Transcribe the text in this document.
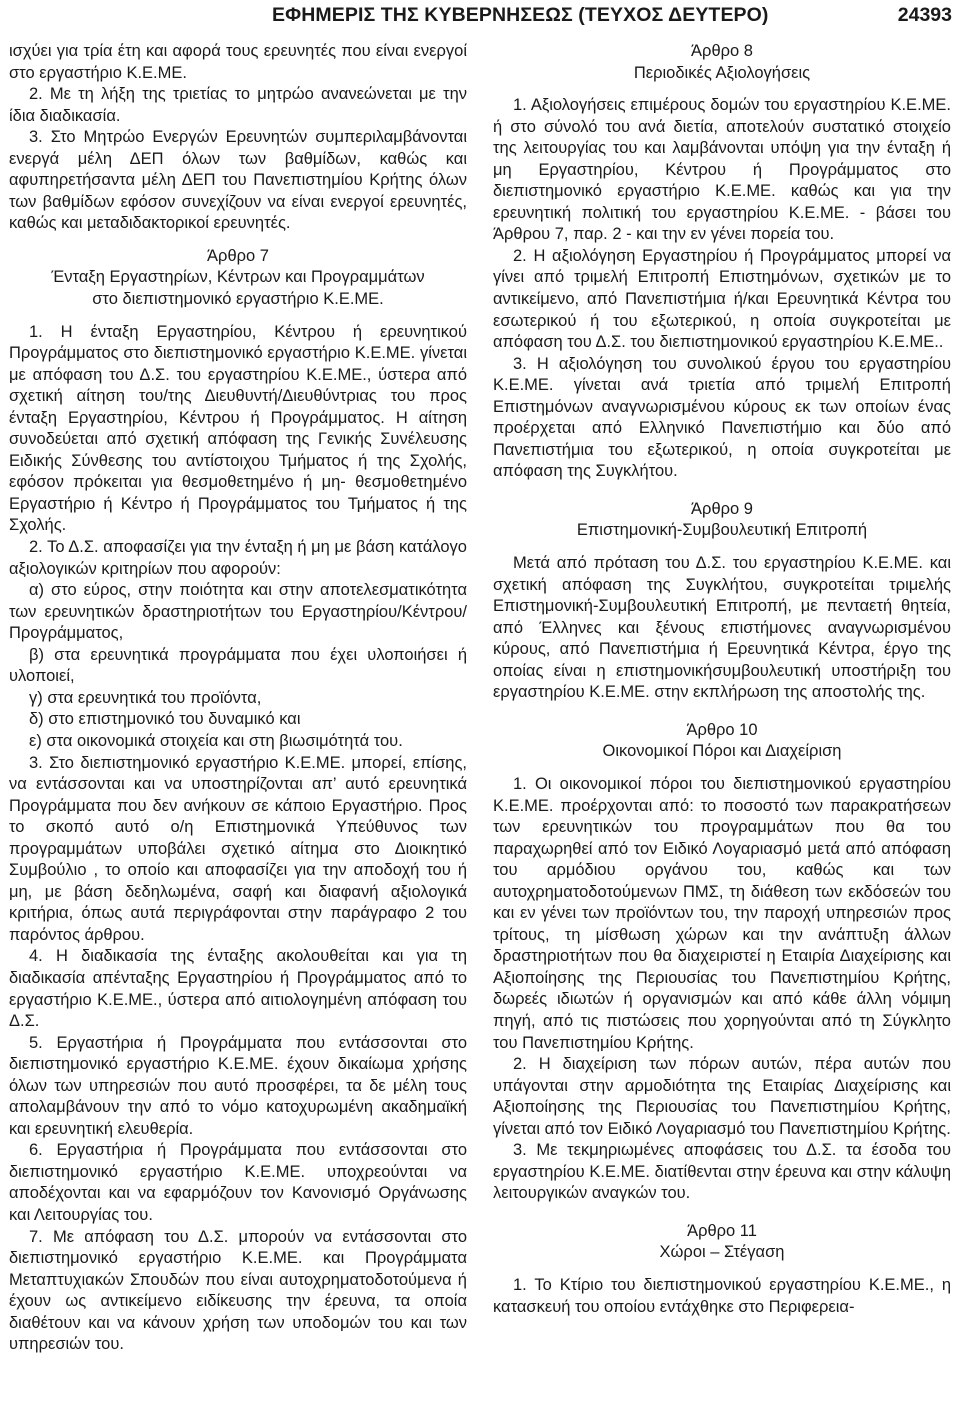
ΕΦΗΜΕΡΙΣ ΤΗΣ ΚΥΒΕΡΝΗΣΕΩΣ (ΤΕΥΧΟΣ ΔΕΥΤΕΡΟ)	24393

ισχύει για τρία έτη και αφορά τους ερευνητές που είναι ενεργοί στο εργαστήριο Κ.Ε.ΜΕ.

2. Με τη λήξη της τριετίας το μητρώο ανανεώνεται με την ίδια διαδικασία.

3. Στο Μητρώο Ενεργών Ερευνητών συμπεριλαμβάνονται ενεργά μέλη ΔΕΠ όλων των βαθμίδων, καθώς και αφυπηρετήσαντα μέλη ΔΕΠ του Πανεπιστημίου Κρήτης όλων των βαθμίδων εφόσον συνεχίζουν να είναι ενεργοί ερευνητές, καθώς και μεταδιδακτορικοί ερευνητές.

Άρθρο 7

Ένταξη Εργαστηρίων, Κέντρων και Προγραμμάτων

στο διεπιστημονικό εργαστήριο Κ.Ε.ΜΕ.

1. Η ένταξη Εργαστηρίου, Κέντρου ή ερευνητικού Προγράμματος στο διεπιστημονικό εργαστήριο Κ.Ε.ΜΕ. γίνεται με απόφαση του Δ.Σ. του εργαστηρίου Κ.Ε.ΜΕ., ύστερα από σχετική αίτηση του/της Διευθυντή/Διευθύντριας του προς ένταξη Εργαστηρίου, Κέντρου ή Προγράμματος. Η αίτηση συνοδεύεται από σχετική απόφαση της Γενικής Συνέλευσης Ειδικής Σύνθεσης του αντίστοιχου Τμήματος ή της Σχολής, εφόσον πρόκειται για θεσμοθετημένο ή μη- θεσμοθετημένο Εργαστήριο ή Κέντρο ή Προγράμματος του Τμήματος ή της Σχολής.

2. Το Δ.Σ. αποφασίζει για την ένταξη ή μη με βάση κατάλογο αξιολογικών κριτηρίων που αφορούν:

α) στο εύρος, στην ποιότητα και στην αποτελεσματικότητα των ερευνητικών δραστηριοτήτων του Εργαστηρίου/Κέντρου/Προγράμματος,

β) στα ερευνητικά προγράμματα που έχει υλοποιήσει ή υλοποιεί,

γ) στα ερευνητικά του προϊόντα,

δ) στο επιστημονικό του δυναμικό και

ε) στα οικονομικά στοιχεία και στη βιωσιμότητά του.

3. Στο διεπιστημονικό εργαστήριο Κ.Ε.ΜΕ. μπορεί, επίσης, να εντάσσονται και να υποστηρίζονται απ’ αυτό ερευνητικά Προγράμματα που δεν ανήκουν σε κάποιο Εργαστήριο. Προς το σκοπό αυτό ο/η Επιστημονικά Υπεύθυνος των προγραμμάτων υποβάλει σχετικό αίτημα στο Διοικητικό Συμβούλιο , το οποίο και αποφασίζει για την αποδοχή του ή μη, με βάση δεδηλωμένα, σαφή και διαφανή αξιολογικά κριτήρια, όπως αυτά περιγράφονται στην παράγραφο 2 του παρόντος άρθρου.

4. Η διαδικασία της ένταξης ακολουθείται και για τη διαδικασία απένταξης Εργαστηρίου ή Προγράμματος από το εργαστήριο Κ.Ε.ΜΕ., ύστερα από αιτιολογημένη απόφαση του Δ.Σ.

5. Εργαστήρια ή Προγράμματα που εντάσσονται στο διεπιστημονικό εργαστήριο Κ.Ε.ΜΕ. έχουν δικαίωμα χρήσης όλων των υπηρεσιών που αυτό προσφέρει, τα δε μέλη τους απολαμβάνουν την από το νόμο κατοχυρωμένη ακαδημαϊκή και ερευνητική ελευθερία.

6. Εργαστήρια ή Προγράμματα που εντάσσονται στο διεπιστημονικό εργαστήριο Κ.Ε.ΜΕ. υποχρεούνται να αποδέχονται και να εφαρμόζουν τον Κανονισμό Οργάνωσης και Λειτουργίας του.

7. Με απόφαση του Δ.Σ. μπορούν να εντάσσονται στο διεπιστημονικό εργαστήριο Κ.Ε.ΜΕ. και Προγράμματα Μεταπτυχιακών Σπουδών που είναι αυτοχρηματοδοτούμενα ή έχουν ως αντικείμενο ειδίκευσης την έρευνα, τα οποία διαθέτουν και να κάνουν χρήση των υποδομών του και των υπηρεσιών του.

Άρθρο 8

Περιοδικές Αξιολογήσεις

1. Αξιολογήσεις επιμέρους δομών του εργαστηρίου Κ.Ε.ΜΕ. ή στο σύνολό του ανά διετία, αποτελούν συστατικό στοιχείο της λειτουργίας του και λαμβάνονται υπόψη για την ένταξη ή μη Εργαστηρίου, Κέντρου ή Προγράμματος στο διεπιστημονικό εργαστήριο Κ.Ε.ΜΕ. καθώς και για την ερευνητική πολιτική του εργαστηρίου Κ.Ε.ΜΕ. - βάσει του Άρθρου 7, παρ. 2 - και την εν γένει πορεία του.

2. Η αξιολόγηση Εργαστηρίου ή Προγράμματος μπορεί να γίνει από τριμελή Επιτροπή Επιστημόνων, σχετικών με το αντικείμενο, από Πανεπιστήμια ή/και Ερευνητικά Κέντρα του εσωτερικού ή του εξωτερικού, η οποία συγκροτείται με απόφαση του Δ.Σ. του διεπιστημονικού εργαστηρίου Κ.Ε.ΜΕ..

3. Η αξιολόγηση του συνολικού έργου του εργαστηρίου Κ.Ε.ΜΕ. γίνεται ανά τριετία από τριμελή Επιτροπή Επιστημόνων αναγνωρισμένου κύρους εκ των οποίων ένας προέρχεται από Ελληνικό Πανεπιστήμιο και δύο από Πανεπιστήμια του εξωτερικού, η οποία συγκροτείται με απόφαση της Συγκλήτου.

Άρθρο 9

Επιστημονική-Συμβουλευτική Επιτροπή

Μετά από πρόταση του Δ.Σ. του εργαστηρίου Κ.Ε.ΜΕ. και σχετική απόφαση της Συγκλήτου, συγκροτείται τριμελής Επιστημονική-Συμβουλευτική Επιτροπή, με πενταετή θητεία, από Έλληνες και ξένους επιστήμονες αναγνωρισμένου κύρους, από Πανεπιστήμια ή Ερευνητικά Κέντρα, έργο της οποίας είναι η επιστημονικήσυμβουλευτική υποστήριξη του εργαστηρίου Κ.Ε.ΜΕ. στην εκπλήρωση της αποστολής της.

Άρθρο 10

Οικονομικοί Πόροι και Διαχείριση

1. Οι οικονομικοί πόροι του διεπιστημονικού εργαστηρίου Κ.Ε.ΜΕ. προέρχονται από: το ποσοστό των παρακρατήσεων των ερευνητικών του προγραμμάτων που θα του παραχωρηθεί από τον Ειδικό Λογαριασμό μετά από απόφαση του αρμόδιου οργάνου του, καθώς και των αυτοχρηματοδοτούμενων ΠΜΣ, τη διάθεση των εκδόσεών του και εν γένει των προϊόντων του, την παροχή υπηρεσιών προς τρίτους, τη μίσθωση χώρων και την ανάπτυξη άλλων δραστηριοτήτων που θα διαχειριστεί η Εταιρία Διαχείρισης και Αξιοποίησης της Περιουσίας του Πανεπιστημίου Κρήτης, δωρεές ιδιωτών ή οργανισμών και από κάθε άλλη νόμιμη πηγή, από τις πιστώσεις που χορηγούνται από τη Σύγκλητο του Πανεπιστημίου Κρήτης.

2. Η διαχείριση των πόρων αυτών, πέρα αυτών που υπάγονται στην αρμοδιότητα της Εταιρίας Διαχείρισης και Αξιοποίησης της Περιουσίας του Πανεπιστημίου Κρήτης, γίνεται από τον Ειδικό Λογαριασμό του Πανεπιστημίου Κρήτης.

3. Με τεκμηριωμένες αποφάσεις του Δ.Σ. τα έσοδα του εργαστηρίου Κ.Ε.ΜΕ. διατίθενται στην έρευνα και στην κάλυψη λειτουργικών αναγκών του.

Άρθρο 11

Χώροι – Στέγαση

1. Το Κτίριο του διεπιστημονικού εργαστηρίου Κ.Ε.ΜΕ., η κατασκευή του οποίου εντάχθηκε στο Περιφερεια-
